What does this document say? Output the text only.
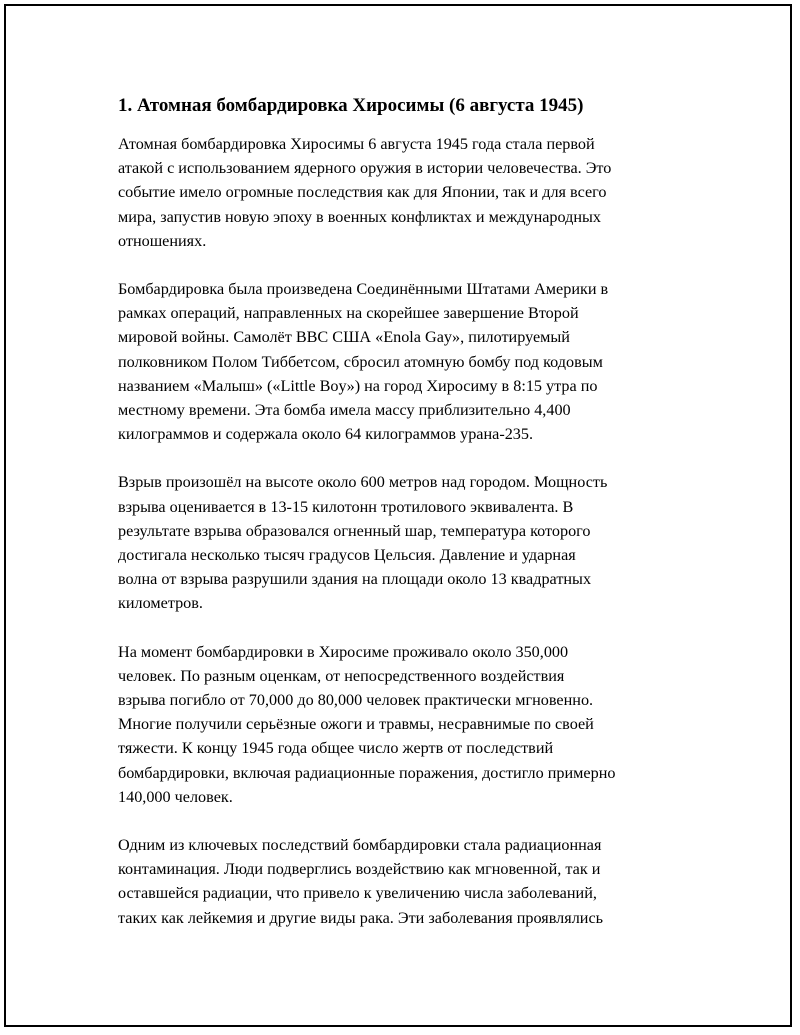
1. Атомная бомбардировка Хиросимы (6 августа 1945)

Атомная бомбардировка Хиросимы 6 августа 1945 года стала первой
атакой с использованием ядерного оружия в истории человечества. Это
событие имело огромные последствия как для Японии, так и для всего
мира, запустив новую эпоху в военных конфликтах и международных
отношениях.

Бомбардировка была произведена Соединёнными Штатами Америки в
рамках операций, направленных на скорейшее завершение Второй
мировой войны. Самолёт ВВС США «Enola Gay», пилотируемый
полковником Полом Тиббетсом, сбросил атомную бомбу под кодовым
названием «Малыш» («Little Boy») на город Хиросиму в 8:15 утра по
местному времени. Эта бомба имела массу приблизительно 4,400
килограммов и содержала около 64 килограммов урана-235.

Взрыв произошёл на высоте около 600 метров над городом. Мощность
взрыва оценивается в 13-15 килотонн тротилового эквивалента. В
результате взрыва образовался огненный шар, температура которого
достигала несколько тысяч градусов Цельсия. Давление и ударная
волна от взрыва разрушили здания на площади около 13 квадратных
километров.

На момент бомбардировки в Хиросиме проживало около 350,000
человек. По разным оценкам, от непосредственного воздействия
взрыва погибло от 70,000 до 80,000 человек практически мгновенно.
Многие получили серьёзные ожоги и травмы, несравнимые по своей
тяжести. К концу 1945 года общее число жертв от последствий
бомбардировки, включая радиационные поражения, достигло примерно
140,000 человек.

Одним из ключевых последствий бомбардировки стала радиационная
контаминация. Люди подверглись воздействию как мгновенной, так и
оставшейся радиации, что привело к увеличению числа заболеваний,
таких как лейкемия и другие виды рака. Эти заболевания проявлялись
